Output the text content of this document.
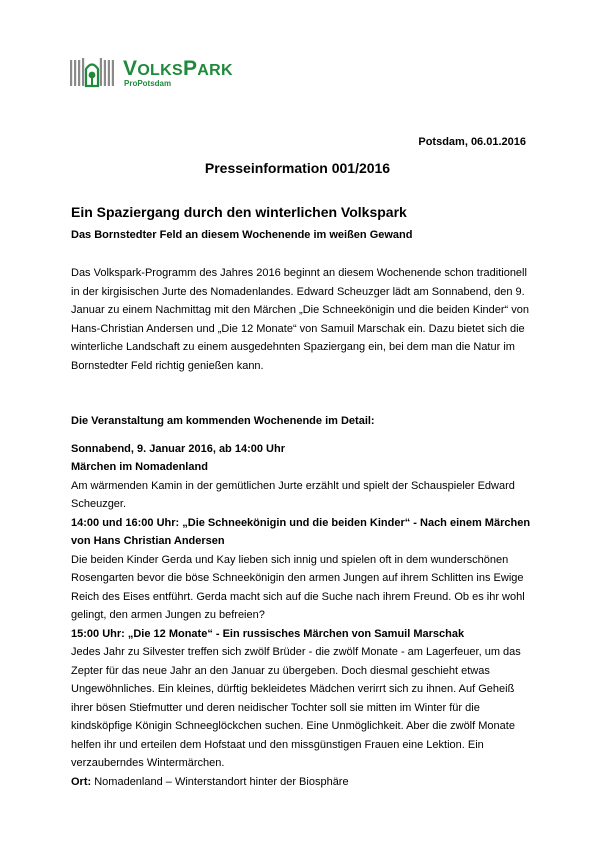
VOLKSPARK
ProPotsdam
Potsdam, 06.01.2016
Presseinformation 001/2016
Ein Spaziergang durch den winterlichen Volkspark
Das Bornstedter Feld an diesem Wochenende im weißen Gewand

Das Volkspark-Programm des Jahres 2016 beginnt an diesem Wochenende schon traditionell in der kirgisischen Jurte des Nomadenlandes. Edward Scheuzger lädt am Sonnabend, den 9. Januar zu einem Nachmittag mit den Märchen „Die Schneekönigin und die beiden Kinder“ von Hans-Christian Andersen und „Die 12 Monate“ von Samuil Marschak ein. Dazu bietet sich die winterliche Landschaft zu einem ausgedehnten Spaziergang ein, bei dem man die Natur im Bornstedter Feld richtig genießen kann.

Die Veranstaltung am kommenden Wochenende im Detail:

Sonnabend, 9. Januar 2016, ab 14:00 Uhr

Märchen im Nomadenland

Am wärmenden Kamin in der gemütlichen Jurte erzählt und spielt der Schauspieler Edward Scheuzger.

14:00 und 16:00 Uhr: „Die Schneekönigin und die beiden Kinder“ - Nach einem Märchen von Hans Christian Andersen

Die beiden Kinder Gerda und Kay lieben sich innig und spielen oft in dem wunderschönen Rosengarten bevor die böse Schneekönigin den armen Jungen auf ihrem Schlitten ins Ewige Reich des Eises entführt. Gerda macht sich auf die Suche nach ihrem Freund. Ob es ihr wohl gelingt, den armen Jungen zu befreien?

15:00 Uhr: „Die 12 Monate“ - Ein russisches Märchen von Samuil Marschak

Jedes Jahr zu Silvester treffen sich zwölf Brüder - die zwölf Monate - am Lagerfeuer, um das Zepter für das neue Jahr an den Januar zu übergeben. Doch diesmal geschieht etwas Ungewöhnliches. Ein kleines, dürftig bekleidetes Mädchen verirrt sich zu ihnen. Auf Geheiß ihrer bösen Stiefmutter und deren neidischer Tochter soll sie mitten im Winter für die kindsköpfige Königin Schneeglöckchen suchen. Eine Unmöglichkeit. Aber die zwölf Monate helfen ihr und erteilen dem Hofstaat und den missgünstigen Frauen eine Lektion. Ein verzauberndes Wintermärchen.

Ort: Nomadenland – Winterstandort hinter der Biosphäre
